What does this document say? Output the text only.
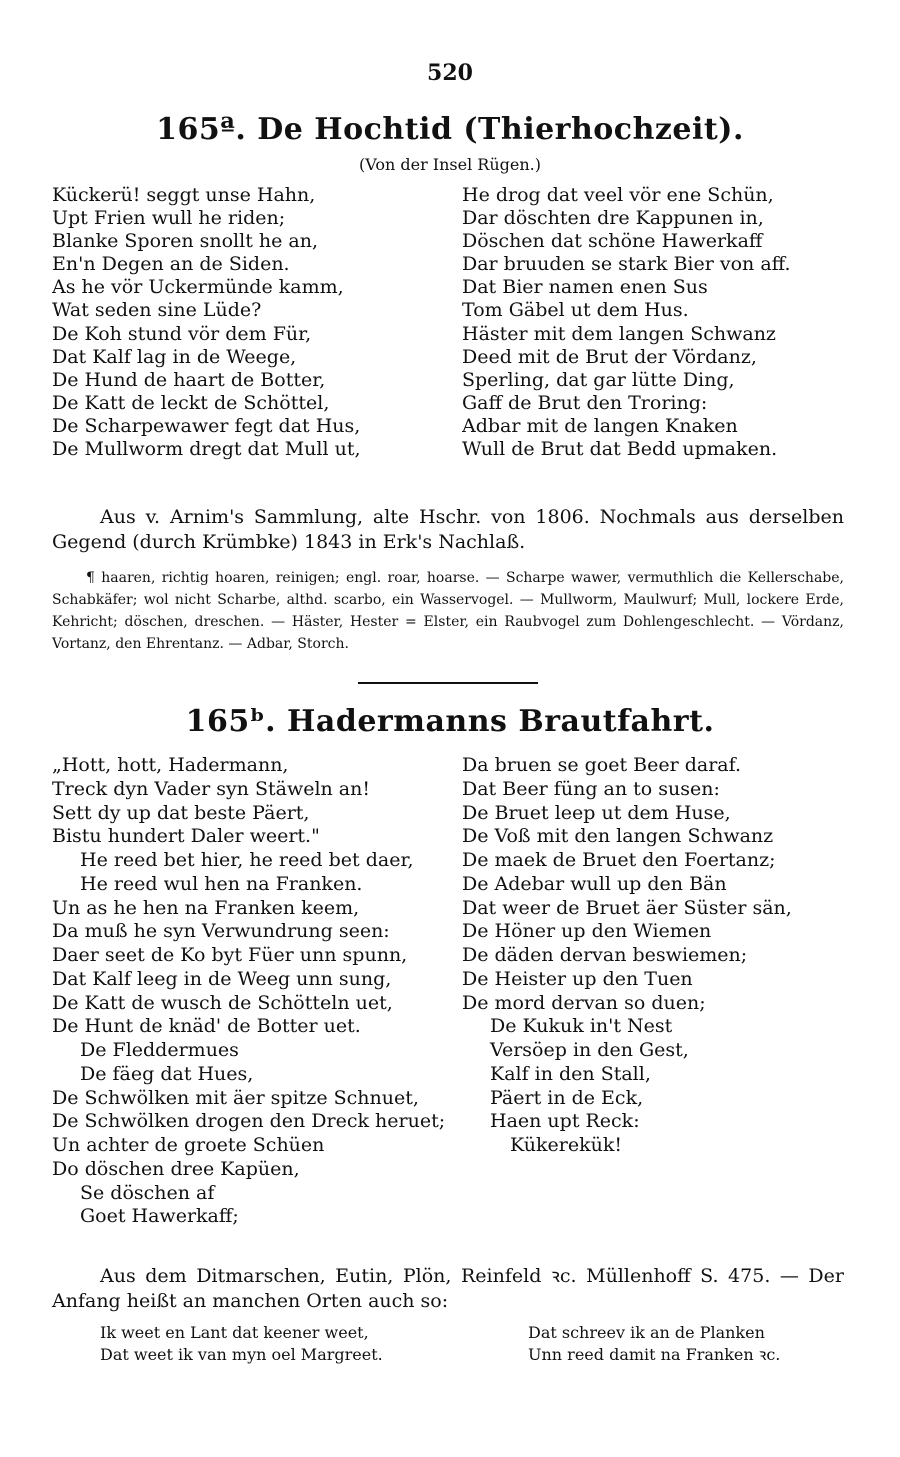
520
165ª. De Hochtid (Thierhochzeit).
(Von der Insel Rügen.)
Kückerü! seggt unse Hahn,
Upt Frien wull he riden;
Blanke Sporen snollt he an,
En'n Degen an de Siden.
As he vör Uckermünde kamm,
Wat seden sine Lüde?
De Koh stund vör dem Für,
Dat Kalf lag in de Weege,
De Hund de haart de Botter,
De Katt de leckt de Schöttel,
De Scharpewawer fegt dat Hus,
De Mullworm dregt dat Mull ut,
He drog dat veel vör ene Schün,
Dar döschten dre Kappunen in,
Döschen dat schöne Hawerkaff
Dar bruuden se stark Bier von aff.
Dat Bier namen enen Sus
Tom Gäbel ut dem Hus.
Häster mit dem langen Schwanz
Deed mit de Brut der Vördanz,
Sperling, dat gar lütte Ding,
Gaff de Brut den Troring:
Adbar mit de langen Knaken
Wull de Brut dat Bedd upmaken.

Aus v. Arnim's Sammlung, alte Hschr. von 1806. Nochmals aus derselben Gegend (durch Krümbke) 1843 in Erk's Nachlaß.

¶ haaren, richtig hoaren, reinigen; engl. roar, hoarse. — Scharpe wawer, vermuthlich die Kellerschabe, Schabkäfer; wol nicht Scharbe, althd. scarbo, ein Wasservogel. — Mullworm, Maulwurf; Mull, lockere Erde, Kehricht; döschen, dreschen. — Häster, Hester = Elster, ein Raubvogel zum Dohlengeschlecht. — Vördanz, Vortanz, den Ehrentanz. — Adbar, Storch.

165ᵇ. Hadermanns Brautfahrt.
„Hott, hott, Hadermann,
Treck dyn Vader syn Stäweln an!
Sett dy up dat beste Päert,
Bistu hundert Daler weert."
He reed bet hier, he reed bet daer,
He reed wul hen na Franken.
Un as he hen na Franken keem,
Da muß he syn Verwundrung seen:
Daer seet de Ko byt Füer unn spunn,
Dat Kalf leeg in de Weeg unn sung,
De Katt de wusch de Schötteln uet,
De Hunt de knäd' de Botter uet.
De Fleddermues
De fäeg dat Hues,
De Schwölken mit äer spitze Schnuet,
De Schwölken drogen den Dreck heruet;
Un achter de groete Schüen
Do döschen dree Kapüen,
Se döschen af
Goet Hawerkaff;
Da bruen se goet Beer daraf.
Dat Beer füng an to susen:
De Bruet leep ut dem Huse,
De Voß mit den langen Schwanz
De maek de Bruet den Foertanz;
De Adebar wull up den Bän
Dat weer de Bruet äer Süster sän,
De Höner up den Wiemen
De däden dervan beswiemen;
De Heister up den Tuen
De mord dervan so duen;
De Kukuk in't Nest
Versöep in den Gest,
Kalf in den Stall,
Päert in de Eck,
Haen upt Reck:
Kükerekük!

Aus dem Ditmarschen, Eutin, Plön, Reinfeld ꝛc. Müllenhoff S. 475. — Der Anfang heißt an manchen Orten auch so:

Ik weet en Lant dat keener weet,
Dat weet ik van myn oel Margreet.
Dat schreev ik an de Planken
Unn reed damit na Franken ꝛc.
